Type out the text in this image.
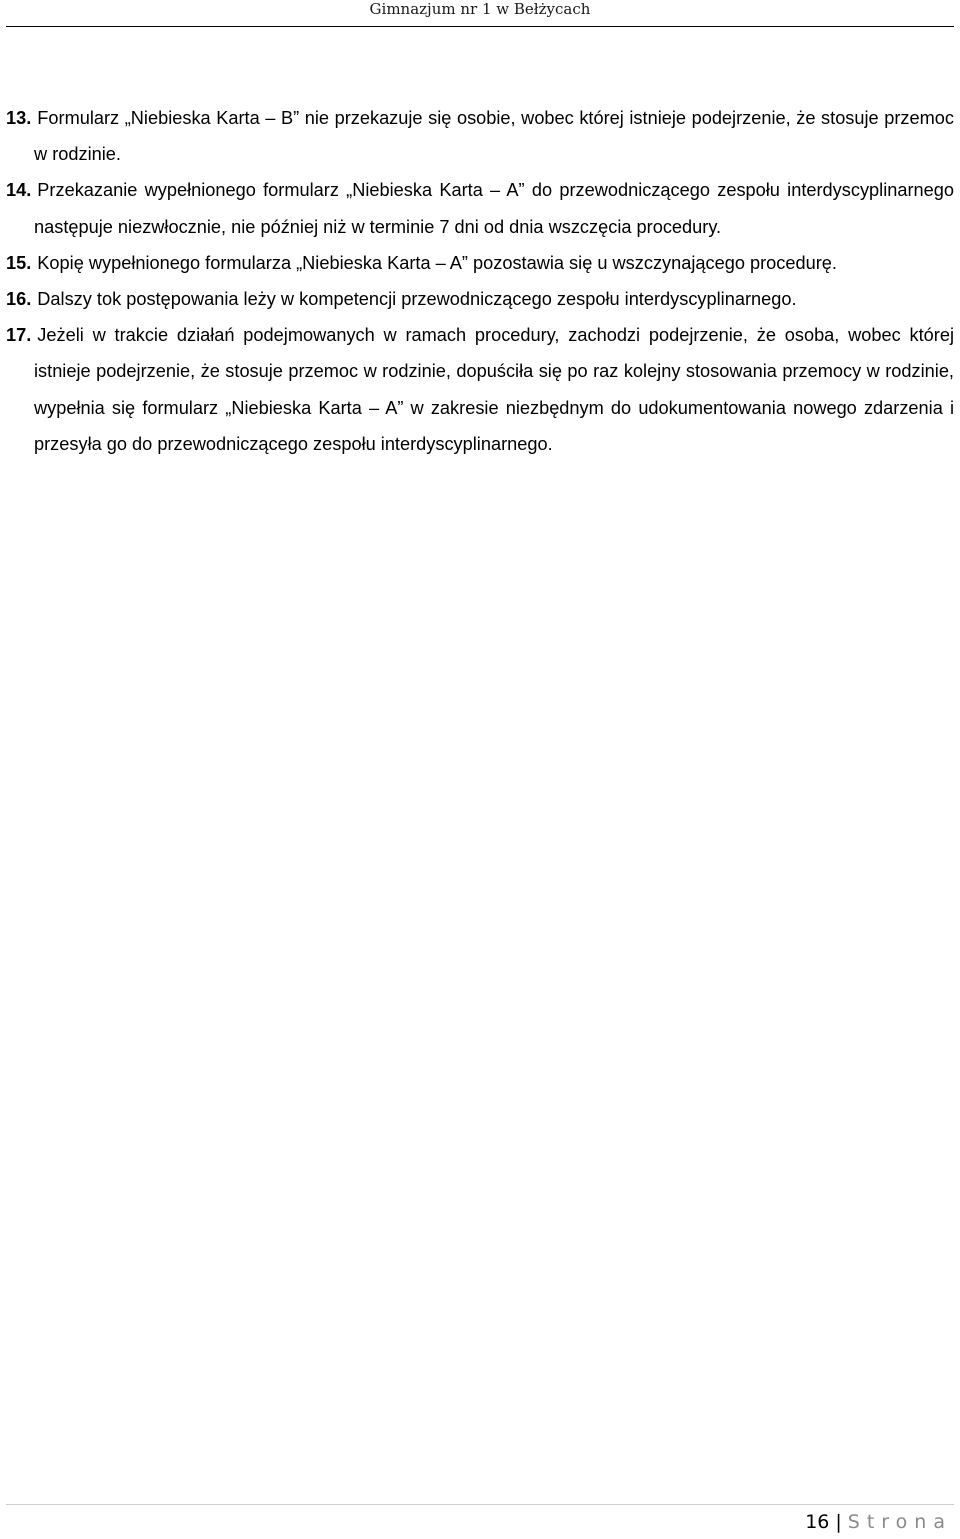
Gimnazjum nr 1 w Bełżycach

13. Formularz „Niebieska Karta – B” nie przekazuje się osobie, wobec której istnieje podejrzenie, że stosuje przemoc w rodzinie.

14. Przekazanie wypełnionego formularz „Niebieska Karta – A” do przewodniczącego zespołu interdyscyplinarnego następuje niezwłocznie, nie później niż w terminie 7 dni od dnia wszczęcia procedury.

15. Kopię wypełnionego formularza „Niebieska Karta – A” pozostawia się u wszczynającego procedurę.

16. Dalszy tok postępowania leży w kompetencji przewodniczącego zespołu interdyscyplinarnego.

17. Jeżeli w trakcie działań podejmowanych w ramach procedury, zachodzi podejrzenie, że osoba, wobec której istnieje podejrzenie, że stosuje przemoc w rodzinie, dopuściła się po raz kolejny stosowania przemocy w rodzinie, wypełnia się formularz „Niebieska Karta – A” w zakresie niezbędnym do udokumentowania nowego zdarzenia i przesyła go do przewodniczącego zespołu interdyscyplinarnego.

16 | Strona
